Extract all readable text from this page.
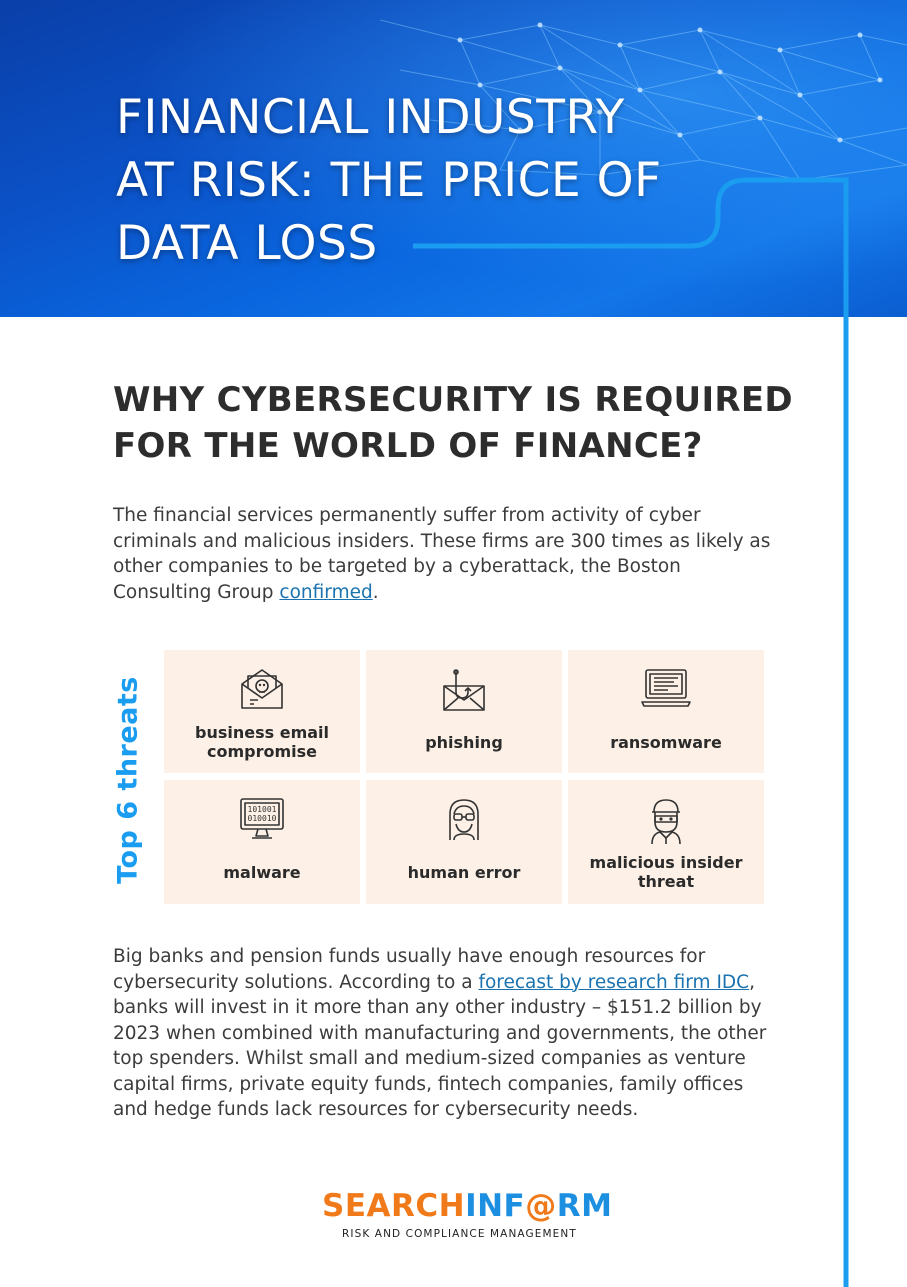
FINANCIAL INDUSTRY
AT RISK: THE PRICE OF
DATA LOSS
WHY CYBERSECURITY IS REQUIRED
FOR THE WORLD OF FINANCE?

The financial services permanently suffer from activity of cyber criminals and malicious insiders. These firms are 300 times as likely as other companies to be targeted by a cyberattack, the Boston Consulting Group confirmed.

Top 6 threats	business email compromise	phishing	ransomware
101001
010010
malware	human error	malicious insider threat

Big banks and pension funds usually have enough resources for cybersecurity solutions. According to a forecast by research firm IDC, banks will invest in it more than any other industry – $151.2 billion by 2023 when combined with manufacturing and governments, the other top spenders. Whilst small and medium-sized companies as venture capital firms, private equity funds, fintech companies, family offices and hedge funds lack resources for cybersecurity needs.

SEARCHINF@RM
RISK AND COMPLIANCE MANAGEMENT
